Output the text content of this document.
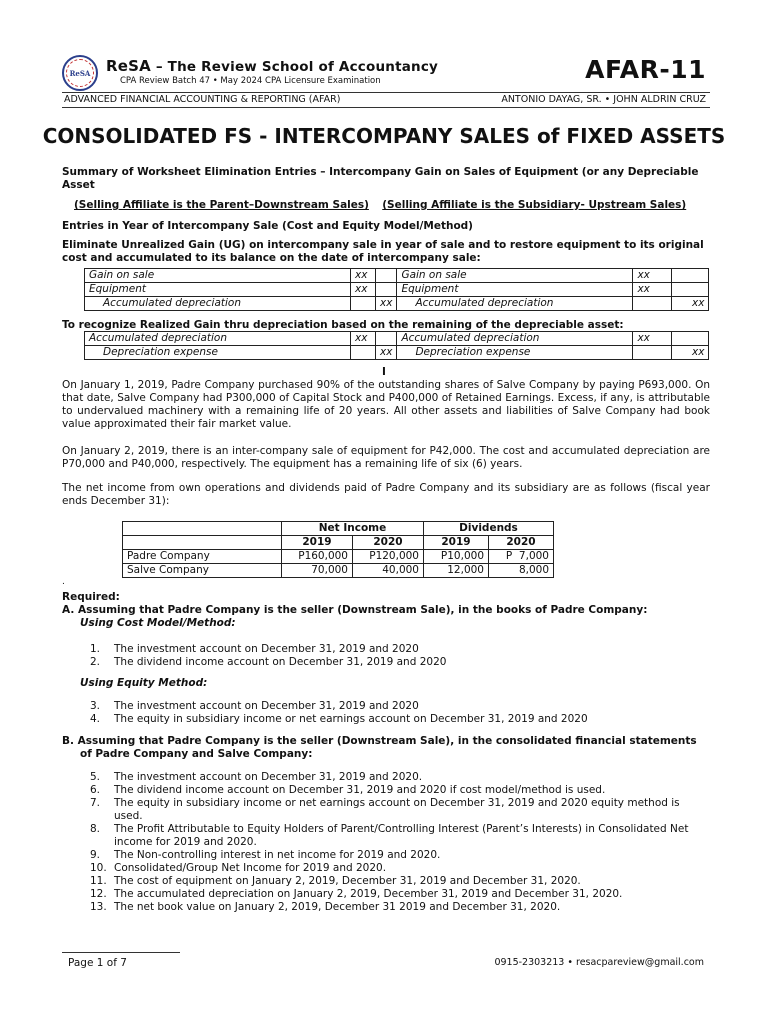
ReSA ReSA – The Review School of Accountancy
CPA Review Batch 47 • May 2024 CPA Licensure Examination	AFAR-11
ADVANCED FINANCIAL ACCOUNTING & REPORTING (AFAR)	ANTONIO DAYAG, SR. • JOHN ALDRIN CRUZ
CONSOLIDATED FS - INTERCOMPANY SALES of FIXED ASSETS
Summary of Worksheet Elimination Entries – Intercompany Gain on Sales of Equipment (or any Depreciable Asset
(Selling Affiliate is the Parent–Downstream Sales) (Selling Affiliate is the Subsidiary- Upstream Sales)
Entries in Year of Intercompany Sale (Cost and Equity Model/Method)
Eliminate Unrealized Gain (UG) on intercompany sale in year of sale and to restore equipment to its original cost and accumulated to its balance on the date of intercompany sale:
Gain on sale	xx		Gain on sale	xx	
Equipment	xx		Equipment	xx	
Accumulated depreciation		xx	Accumulated depreciation		xx
To recognize Realized Gain thru depreciation based on the remaining of the depreciable asset:
Accumulated depreciation	xx		Accumulated depreciation	xx	
Depreciation expense		xx	Depreciation expense		xx
I
On January 1, 2019, Padre Company purchased 90% of the outstanding shares of Salve Company by paying P693,000. On that date, Salve Company had P300,000 of Capital Stock and P400,000 of Retained Earnings. Excess, if any, is attributable to undervalued machinery with a remaining life of 20 years. All other assets and liabilities of Salve Company had book value approximated their fair market value.
On January 2, 2019, there is an inter-company sale of equipment for P42,000. The cost and accumulated depreciation are P70,000 and P40,000, respectively. The equipment has a remaining life of six (6) years.
The net income from own operations and dividends paid of Padre Company and its subsidiary are as follows (fiscal year ends December 31):
	Net Income		Dividends	
	2019	2020	2019	2020
Padre Company	P160,000	P120,000	P10,000	P  7,000
Salve Company	70,000	40,000	12,000	8,000
.
Required:
A. Assuming that Padre Company is the seller (Downstream Sale), in the books of Padre Company:
Using Cost Model/Method:
1.	The investment account on December 31, 2019 and 2020
2.	The dividend income account on December 31, 2019 and 2020
Using Equity Method:
3.	The investment account on December 31, 2019 and 2020
4.	The equity in subsidiary income or net earnings account on December 31, 2019 and 2020
B. Assuming that Padre Company is the seller (Downstream Sale), in the consolidated financial statements
of Padre Company and Salve Company:
5.	The investment account on December 31, 2019 and 2020.
6.	The dividend income account on December 31, 2019 and 2020 if cost model/method is used.
7.	The equity in subsidiary income or net earnings account on December 31, 2019 and 2020 equity method is used.
8.	The Profit Attributable to Equity Holders of Parent/Controlling Interest (Parent’s Interests) in Consolidated Net income for 2019 and 2020.
9.	The Non-controlling interest in net income for 2019 and 2020.
10. Consolidated/Group Net Income for 2019 and 2020.
11. The cost of equipment on January 2, 2019, December 31, 2019 and December 31, 2020.
12. The accumulated depreciation on January 2, 2019, December 31, 2019 and December 31, 2020.
13. The net book value on January 2, 2019, December 31 2019 and December 31, 2020.
Page 1 of 7	0915-2303213 • resacpareview@gmail.com
